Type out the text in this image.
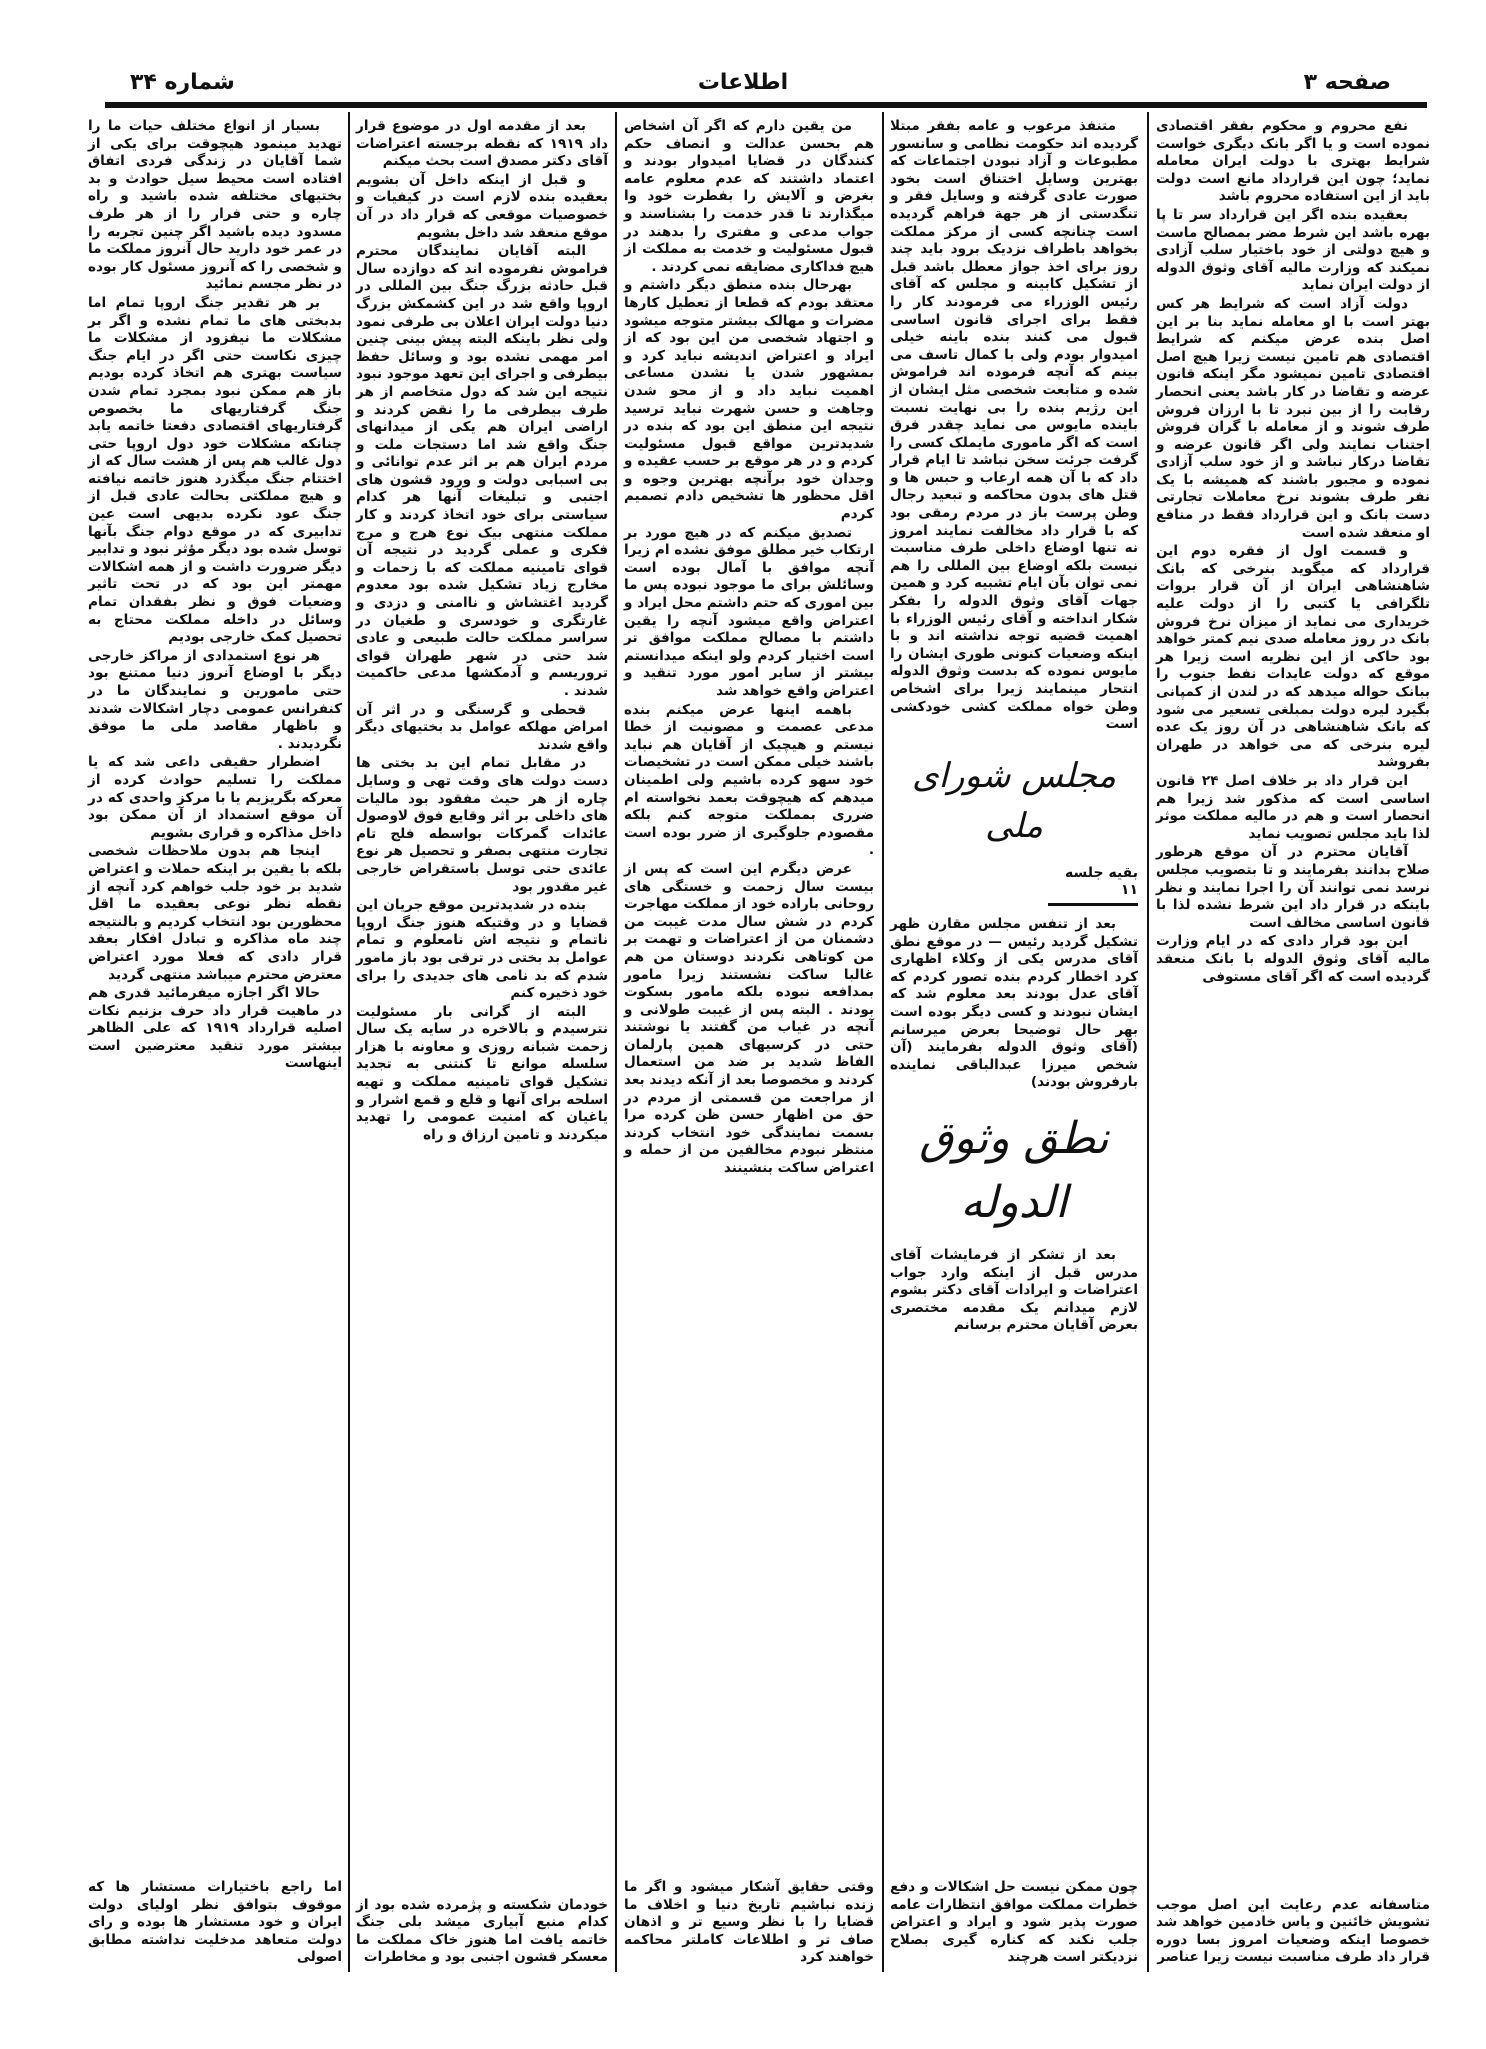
صفحه ۳
اطلاعات
شماره ۳۴

نفع محروم و محکوم بفقر اقتصادی نموده است و یا اگر بانک دیگری خواست شرایط بهتری با دولت ایران معامله نماید؛ چون این قرارداد مانع است دولت باید از این استفاده محروم باشد

بعقیده بنده اگر این قرارداد سر تا پا بهره باشد این شرط مضر بمصالح ماست و هیچ دولتی از خود باختیار سلب آزادی نمیکند که وزارت مالیه آقای وثوق الدوله از دولت ایران نماید

دولت آزاد است که شرایط هر کس بهتر است با او معامله نماید بنا بر این اصل بنده عرض میکنم که شرایط اقتصادی هم تامین نیست زیرا هیچ اصل اقتصادی تامین نمیشود مگر اینکه قانون عرضه و تقاضا در کار باشد یعنی انحصار رقابت را از بین نبرد تا با ارزان فروش طرف شوند و از معامله با گران فروش اجتناب نمایند ولی اگر قانون عرضه و تقاضا درکار نباشد و از خود سلب آزادی نموده و مجبور باشند که همیشه با یک نفر طرف بشوند نرخ معاملات تجارتی دست بانک و این قرارداد فقط در منافع او منعقد شده است

و قسمت اول از فقره دوم این قرارداد که میگوید بنرخی که بانک شاهنشاهی ایران از آن قرار بروات تلگرافی یا کتبی را از دولت علیه خریداری می نماید از میزان نرخ فروش بانک در روز معامله صدی نیم کمتر خواهد بود حاکی از این نظریه است زیرا هر موقع که دولت عایدات نفط جنوب را ببانک حواله میدهد که در لندن از کمپانی بگیرد لیره دولت بمبلغی تسعیر می شود که بانک شاهنشاهی در آن روز یک عده لیره بنرخی که می خواهد در طهران بفروشد

این قرار داد بر خلاف اصل ۲۴ قانون اساسی است که مذکور شد زیرا هم انحصار است و هم در مالیه مملکت موثر لذا باید مجلس تصویب نماید

آقایان محترم در آن موقع هرطور صلاح بدانند بفرمایند و تا بتصویب مجلس نرسد نمی توانند آن را اجرا نمایند و نظر باینکه در قرار داد این شرط نشده لذا با قانون اساسی مخالف است

این بود قرار دادی که در ایام وزارت مالیه آقای وثوق الدوله با بانک منعقد گردیده است که اگر آقای مستوفی

متاسفانه عدم رعایت این اصل موجب تشویش خائنین و یاس خادمین خواهد شد خصوصا اینکه وضعیات امروز بسا دوره قرار داد طرف مناسبت نیست زیرا عناصر

متنفذ مرعوب و عامه بفقر مبتلا گردیده اند حکومت نظامی و سانسور مطبوعات و آزاد نبودن اجتماعات که بهترین وسایل اختناق است بخود صورت عادی گرفته و وسایل فقر و تنگدستی از هر جهة فراهم گردیده است چنانچه کسی از مرکز مملکت بخواهد باطراف نزدیک برود باید چند روز برای اخذ جواز معطل باشد قبل از تشکیل کابینه و مجلس که آقای رئیس الوزراء می فرمودند کار را فقط برای اجرای قانون اساسی قبول می کنند بنده باینه خیلی امیدوار بودم ولی با کمال تاسف می بینم که آنچه فرموده اند فراموش شده و متابعت شخصی مثل ایشان از این رژیم بنده را بی نهایت نسبت باینده مایوس می نماید چقدر فرق است که اگر ماموری مایملک کسی را گرفت جرئت سخن نباشد تا ایام قرار داد که با آن همه ارعاب و حبس ها و قتل های بدون محاکمه و تبعید رجال وطن پرست باز در مردم رمقی بود که با قرار داد مخالفت نمایند امروز نه تنها اوضاع داخلی طرف مناسبت نیست بلکه اوضاع بین المللی را هم نمی توان بآن ایام تشبیه کرد و همین جهات آقای وثوق الدوله را بفکر شکار انداخته و آقای رئیس الوزراء با اهمیت قضیه توجه نداشته اند و با اینکه وضعیات کنونی طوری ایشان را مایوس نموده که بدست وثوق الدوله انتحار مینمایند زیرا برای اشخاص وطن خواه مملکت کشی خودکشی است

مجلس شورای ملی
بقیه جلسه ۱۱

بعد از تنفس مجلس مقارن ظهر تشکیل گردید رئیس — در موقع نطق آقای مدرس یکی از وکلاء اظهاری کرد اخطار کردم بنده تصور کردم که آقای عدل بودند بعد معلوم شد که ایشان نبودند و کسی دیگر بوده است بهر حال توضیحا بعرض میرسانم (آقای وثوق الدوله بفرمایند (آن شخص میرزا عبدالباقی نماینده بارفروش بودند)

نطق وثوق الدوله

بعد از تشکر از فرمایشات آقای مدرس قبل از اینکه وارد جواب اعتراضات و ایرادات آقای دکتر بشوم لازم میدانم یک مقدمه مختصری بعرض آقایان محترم برسانم

چون ممکن نیست حل اشکالات و دفع خطرات مملکت موافق انتظارات عامه صورت پذیر شود و ایراد و اعتراض جلب نکند که کناره گیری بصلاح نزدیکتر است هرچند

من یقین دارم که اگر آن اشخاص هم بحسن عدالت و انصاف حکم کنندگان در قضایا امیدوار بودند و اعتماد داشتند که عدم معلوم عامه بغرض و آلایش را بفطرت خود وا میگذارند تا قدر خدمت را بشناسند و جواب مدعی و مفتری را بدهند در قبول مسئولیت و خدمت به مملکت از هیچ فداکاری مضایقه نمی کردند .

بهرحال بنده منطق دیگر داشتم و معتقد بودم که قطعا از تعطیل کارها مضرات و مهالک بیشتر متوجه میشود و اجتهاد شخصی من این بود که از ایراد و اعتراض اندیشه نباید کرد و بمشهور شدن یا نشدن مساعی اهمیت نباید داد و از محو شدن وجاهت و حسن شهرت نباید ترسید نتیجه این منطق این بود که بنده در شدیدترین مواقع قبول مسئولیت کردم و در هر موقع بر حسب عقیده و وجدان خود برآنچه بهترین وجوه و اقل محظور ها تشخیص دادم تصمیم کردم

تصدیق میکنم که در هیچ مورد بر ارتکاب خیر مطلق موفق نشده ام زیرا آنچه موافق با آمال بوده است وسائلش برای ما موجود نبوده پس ما بین اموری که حتم داشتم محل ایراد و اعتراض واقع میشود آنچه را یقین داشتم با مصالح مملکت موافق تر است اختیار کردم ولو اینکه میدانستم بیشتر از سایر امور مورد تنقید و اعتراض واقع خواهد شد

باهمه اینها عرض میکنم بنده مدعی عصمت و مصونیت از خطا نیستم و هیچیک از آقایان هم نباید باشند خیلی ممکن است در تشخیصات خود سهو کرده باشیم ولی اطمینان میدهم که هیچوقت بعمد نخواسته ام ضرری بمملکت متوجه کنم بلکه مقصودم جلوگیری از ضرر بوده است .

عرض دیگرم این است که پس از بیست سال زحمت و خستگی های روحانی باراده خود از مملکت مهاجرت کردم در شش سال مدت غیبت من دشمنان من از اعتراضات و تهمت بر من کوتاهی نکردند دوستان من هم غالبا ساکت نشستند زیرا مامور بمدافعه نبوده بلکه مامور بسکوت بودند . البته پس از غیبت طولانی و آنچه در غیاب من گفتند یا نوشتند حتی در کرسیهای همین پارلمان الفاظ شدید بر ضد من استعمال کردند و مخصوصا بعد از آنکه دیدند بعد از مراجعت من قسمتی از مردم در حق من اظهار حسن ظن کرده مرا بسمت نمایندگی خود انتخاب کردند منتظر نبودم مخالفین من از حمله و اعتراض ساکت بنشینند

وقتی حقایق آشکار میشود و اگر ما زنده نباشیم تاریخ دنیا و اخلاف ما قضایا را با نظر وسیع تر و اذهان صاف تر و اطلاعات کاملتر محاکمه خواهند کرد

بعد از مقدمه اول در موضوع قرار داد ۱۹۱۹ که نقطه برجسته اعتراضات آقای دکتر مصدق است بحث میکنم

و قبل از اینکه داخل آن بشویم بعقیده بنده لازم است در کیفیات و خصوصیات موقعی که قرار داد در آن موقع منعقد شد داخل بشویم

البته آقایان نمایندگان محترم فراموش نفرموده اند که دوازده سال قبل حادثه بزرگ جنگ بین المللی در اروپا واقع شد در این کشمکش بزرگ دنیا دولت ایران اعلان بی طرفی نمود ولی نظر باینکه البته پیش بینی چنین امر مهمی نشده بود و وسائل حفظ بیطرفی و اجرای این تعهد موجود نبود نتیجه این شد که دول متخاصم از هر طرف بیطرفی ما را نقض کردند و اراضی ایران هم یکی از میدانهای جنگ واقع شد اما دستجات ملت و مردم ایران هم بر اثر عدم توانائی و بی اسبابی دولت و ورود قشون های اجنبی و تبلیغات آنها هر کدام سیاستی برای خود اتخاذ کردند و کار مملکت منتهی بیک نوع هرج و مرج فکری و عملی گردید در نتیجه آن قوای تامینیه مملکت که با زحمات و مخارج زیاد تشکیل شده بود معدوم گردید اغتشاش و ناامنی و دزدی و غارتگری و خودسری و طغیان در سراسر مملکت حالت طبیعی و عادی شد حتی در شهر طهران قوای تروریسم و آدمکشها مدعی حاکمیت شدند .

قحطی و گرسنگی و در اثر آن امراض مهلکه عوامل بد بختیهای دیگر واقع شدند

در مقابل تمام این بد بختی ها دست دولت های وقت تهی و وسایل چاره از هر حیث مفقود بود مالیات های داخلی بر اثر وقایع فوق لاوصول عائدات گمرکات بواسطه فلج تام تجارت منتهی بصفر و تحصیل هر نوع عائدی حتی توسل باستقراض خارجی غیر مقدور بود

بنده در شدیدترین موقع جریان این قضایا و در وقتیکه هنوز جنگ اروپا ناتمام و نتیجه اش نامعلوم و تمام عوامل بد بختی در ترقی بود باز مامور شدم که بد نامی های جدیدی را برای خود ذخیره کنم

البته از گرانی بار مسئولیت نترسیدم و بالاخره در سایه یک سال زحمت شبانه روزی و معاونه با هزار سلسله موانع تا کنتنی به تجدید تشکیل قوای تامینیه مملکت و تهیه اسلحه برای آنها و قلع و قمع اشرار و یاغیان که امنیت عمومی را تهدید میکردند و تامین ارزاق و راه

خودمان شکسته و پژمرده شده بود از کدام منبع آبیاری میشد بلی جنگ خاتمه یافت اما هنوز خاک مملکت ما معسکر قشون اجنبی بود و مخاطرات

بسیار از انواع مختلف حیات ما را تهدید مینمود هیچوقت برای یکی از شما آقایان در زندگی فردی اتفاق افتاده است محیط سیل حوادث و بد بختیهای مختلفه شده باشید و راه چاره و حتی فرار را از هر طرف مسدود دیده باشید اگر چنین تجربه را در عمر خود دارید حال آنروز مملکت ما و شخصی را که آنروز مسئول کار بوده در نظر مجسم نمائید

بر هر تقدیر جنگ اروپا تمام اما بدبختی های ما تمام نشده و اگر بر مشکلات ما نیفزود از مشکلات ما چیزی نکاست حتی اگر در ایام جنگ سیاست بهتری هم اتخاذ کرده بودیم باز هم ممکن نبود بمجرد تمام شدن جنگ گرفتاریهای ما بخصوص گرفتاریهای اقتصادی دفعتا خاتمه یابد چنانکه مشکلات خود دول اروپا حتی دول غالب هم پس از هشت سال که از اختتام جنگ میگذرد هنوز خاتمه نیافته و هیچ مملکتی بحالت عادی قبل از جنگ عود نکرده بدیهی است عین تدابیری که در موقع دوام جنگ بآنها توسل شده بود دیگر مؤثر نبود و تدابیر دیگر ضرورت داشت و از همه اشکالات مهمتر این بود که در تحت تاثیر وضعیات فوق و نظر بفقدان تمام وسائل در داخله مملکت محتاج به تحصیل کمک خارجی بودیم

هر نوع استمدادی از مراکز خارجی دیگر با اوضاع آنروز دنیا ممتنع بود حتی مامورین و نمایندگان ما در کنفرانس عمومی دچار اشکالات شدند و باظهار مقاصد ملی ما موفق نگردیدند .

اضطرار حقیقی داعی شد که یا مملکت را تسلیم حوادث کرده از معرکه بگریزیم یا با مرکز واحدی که در آن موقع استمداد از آن ممکن بود داخل مذاکره و قراری بشویم

اینجا هم بدون ملاحظات شخصی بلکه با یقین بر اینکه حملات و اعتراض شدید بر خود جلب خواهم کرد آنچه از نقطه نظر نوعی بعقیده ما اقل محظورین بود انتخاب کردیم و بالنتیجه چند ماه مذاکره و تبادل افکار بعقد قرار دادی که فعلا مورد اعتراض معترض محترم میباشد منتهی گردید

حالا اگر اجازه میفرمائید قدری هم در ماهیت قرار داد حرف بزنیم نکات اصلیه قرارداد ۱۹۱۹ که علی الظاهر بیشتر مورد تنقید معترضین است اینهاست

اما راجع باختیارات مستشار ها که موقوف بتوافق نظر اولیای دولت ایران و خود مستشار ها بوده و رای دولت متعاهد مدخلیت نداشته مطابق اصولی
